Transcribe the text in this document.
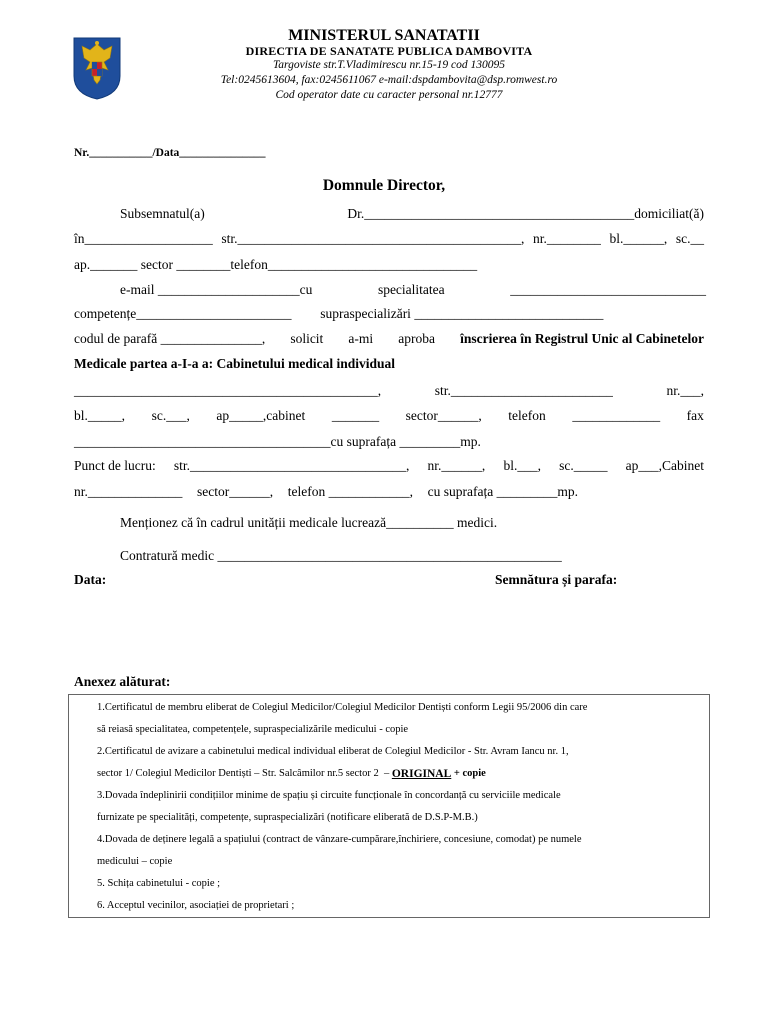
MINISTERUL SANATATII
DIRECTIA DE SANATATE PUBLICA DAMBOVITA
Targoviste str.T.Vladimirescu nr.15-19 cod 130095
Tel:0245613604, fax:0245611067 e-mail:dspdambovita@dsp.romwest.ro
Cod operator date cu caracter personal nr.12777
Nr.___________/Data_______________
Domnule Director,
Subsemnatul(a)	Dr.________________________________________domiciliat(ă)
în___________________ str.__________________________________________, nr.________ bl.______, sc.__
ap._______ sector ________telefon_______________________________
e-mail _____________________cu	specialitatea	_____________________________
competențe_______________________ supraspecializări ____________________________
codul de parafă _______________, solicit a-mi aproba înscrierea în Registrul Unic al Cabinetelor
Medicale partea a-I-a a: Cabinetului medical individual
_____________________________________________,	str.________________________	nr.___,
bl._____, sc.___, ap_____,cabinet _______ sector______, telefon _____________ fax
______________________________________cu suprafața _________mp.
Punct de lucru: str.________________________________, nr.______, bl.___, sc._____ ap___,Cabinet
nr.______________ sector______, telefon ____________, cu suprafața _________mp.
Menționez că în cadrul unității medicale lucrează__________ medici.
Contratură medic ___________________________________________________
Data:	Semnătura și parafa:
Anexez alăturat:
1.Certificatul de membru eliberat de Colegiul Medicilor/Colegiul Medicilor Dentiști conform Legii 95/2006 din care
să reiasă specialitatea, competențele, supraspecializările medicului - copie
2.Certificatul de avizare a cabinetului medical individual eliberat de Colegiul Medicilor - Str. Avram Iancu nr. 1,
sector 1/ Colegiul Medicilor Dentiști – Str. Salcâmilor nr.5 sector 2  – ORIGINAL + copie
3.Dovada îndeplinirii condițiilor minime de spațiu și circuite funcționale în concordanță cu serviciile medicale
furnizate pe specialități, competențe, supraspecializări (notificare eliberată de D.S.P-M.B.)
4.Dovada de deținere legală a spațiului (contract de vânzare-cumpărare,închiriere, concesiune, comodat) pe numele
medicului – copie
5. Schița cabinetului - copie ;
6. Acceptul vecinilor, asociației de proprietari ;
